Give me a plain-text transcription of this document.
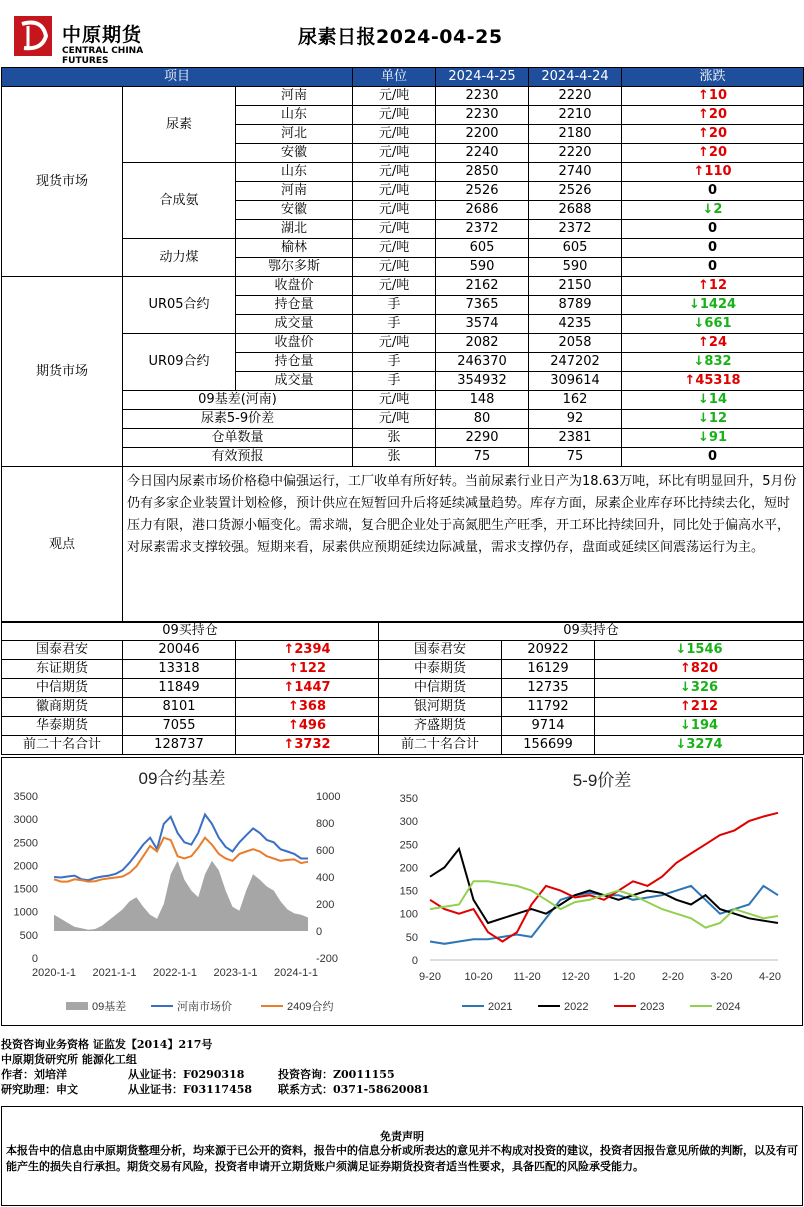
中原期货
CENTRAL CHINA FUTURES
尿素日报2024-04-25
项目			单位	2024-4-25	2024-4-24	涨跌
现货市场	尿素	河南	元/吨	2230	2220	↑10
		山东	元/吨	2230	2210	↑20
		河北	元/吨	2200	2180	↑20
		安徽	元/吨	2240	2220	↑20
	合成氨	山东	元/吨	2850	2740	↑110
		河南	元/吨	2526	2526	0
		安徽	元/吨	2686	2688	↓2
		湖北	元/吨	2372	2372	0
	动力煤	榆林	元/吨	605	605	0
		鄂尔多斯	元/吨	590	590	0
期货市场	UR05合约	收盘价	元/吨	2162	2150	↑12
		持仓量	手	7365	8789	↓1424
		成交量	手	3574	4235	↓661
	UR09合约	收盘价	元/吨	2082	2058	↑24
		持仓量	手	246370	247202	↓832
		成交量	手	354932	309614	↑45318
	09基差(河南)		元/吨	148	162	↓14
	尿素5-9价差		元/吨	80	92	↓12
	仓单数量		张	2290	2381	↓91
	有效预报		张	75	75	0
观点	今日国内尿素市场价格稳中偏强运行，工厂收单有所好转。当前尿素行业日产为18.63万吨，环比有明显回升，5月份仍有多家企业装置计划检修，预计供应在短暂回升后将延续减量趋势。库存方面，尿素企业库存环比持续去化，短时压力有限，港口货源小幅变化。需求端，复合肥企业处于高氮肥生产旺季，开工环比持续回升，同比处于偏高水平，对尿素需求支撑较强。短期来看，尿素供应预期延续边际减量，需求支撑仍存，盘面或延续区间震荡运行为主。					
09买持仓			09卖持仓		
国泰君安	20046	↑2394	国泰君安	20922	↓1546
东证期货	13318	↑122	中泰期货	16129	↑820
中信期货	11849	↑1447	中信期货	12735	↓326
徽商期货	8101	↑368	银河期货	11792	↑212
华泰期货	7055	↑496	齐盛期货	9714	↓194
前二十名合计	128737	↑3732	前二十名合计	156699	↓3274
09合约基差
3500
3000
2500
2000
1500
1000
500
0
1000
800
600
400
200
0
-200
2020-1-1 2021-1-1 2022-1-1 2023-1-1 2024-1-1
09基差	河南市场价	2409合约
5-9价差
350
300
250
200
150
100
50
0
9-20 10-20 11-20 12-20 1-20 2-20 3-20 4-20
2021	2022	2023	2024
投资咨询业务资格 证监发【2014】217号
中原期货研究所 能源化工组
作者：刘培洋	从业证书：F0290318	投资咨询：Z0011155
研究助理：申文	从业证书：F03117458 联系方式：0371-58620081
免责声明
本报告中的信息由中原期货整理分析，均来源于已公开的资料，报告中的信息分析或所表达的意见并不构成对投资的建议，投资者因报告意见所做的判断，以及有可能产生的损失自行承担。期货交易有风险，投资者申请开立期货账户须满足证券期货投资者适当性要求，具备匹配的风险承受能力。
